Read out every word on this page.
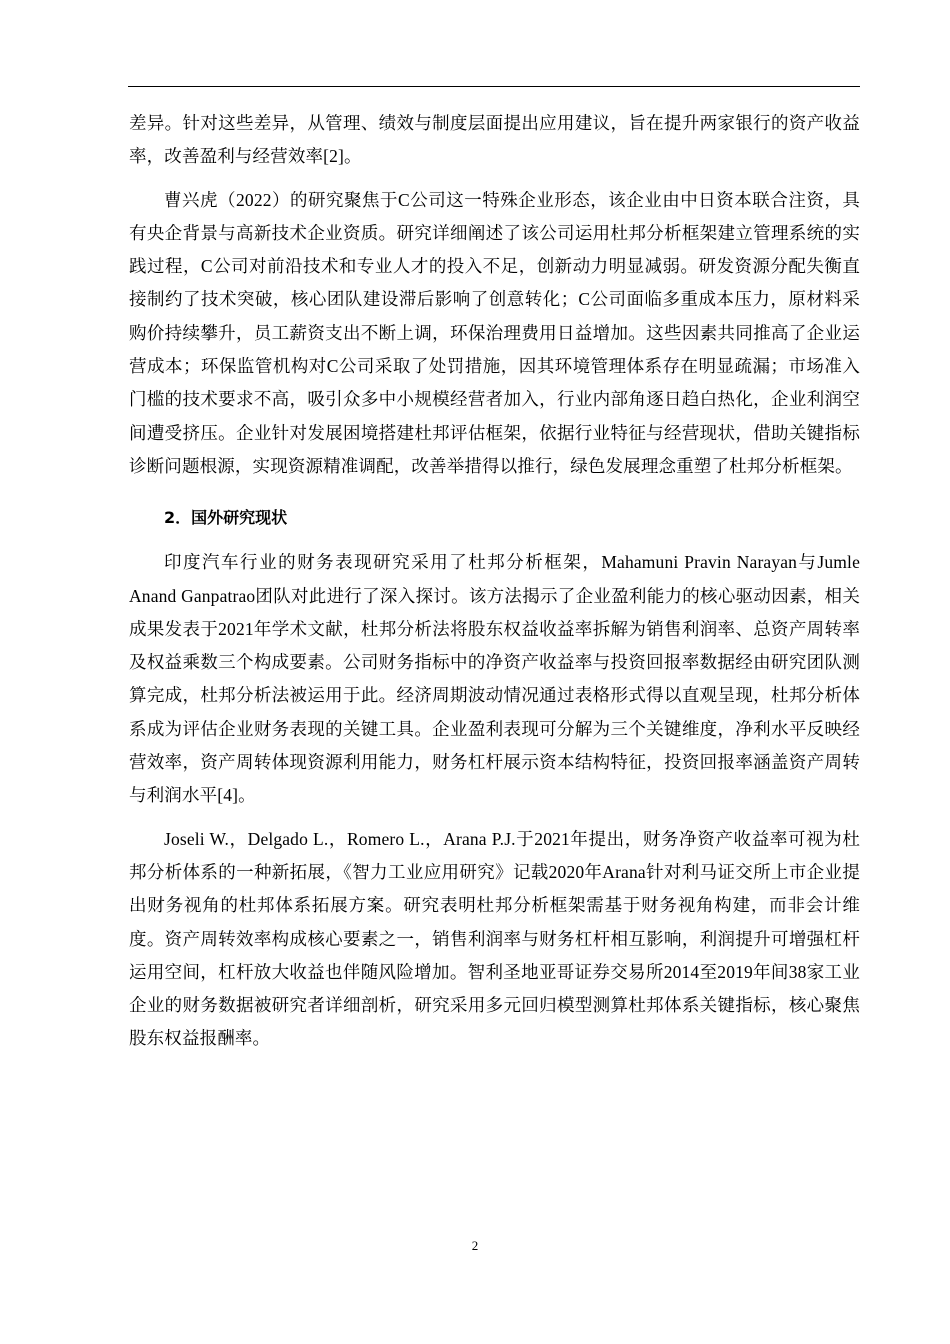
差异。针对这些差异，从管理、绩效与制度层面提出应用建议，旨在提升两家银行的资产收益率，改善盈利与经营效率[2]。

曹兴虎（2022）的研究聚焦于C公司这一特殊企业形态，该企业由中日资本联合注资，具有央企背景与高新技术企业资质。研究详细阐述了该公司运用杜邦分析框架建立管理系统的实践过程，C公司对前沿技术和专业人才的投入不足，创新动力明显减弱。研发资源分配失衡直接制约了技术突破，核心团队建设滞后影响了创意转化；C公司面临多重成本压力，原材料采购价持续攀升，员工薪资支出不断上调，环保治理费用日益增加。这些因素共同推高了企业运营成本；环保监管机构对C公司采取了处罚措施，因其环境管理体系存在明显疏漏；市场准入门槛的技术要求不高，吸引众多中小规模经营者加入，行业内部角逐日趋白热化，企业利润空间遭受挤压。企业针对发展困境搭建杜邦评估框架，依据行业特征与经营现状，借助关键指标诊断问题根源，实现资源精准调配，改善举措得以推行，绿色发展理念重塑了杜邦分析框架。

2．国外研究现状

印度汽车行业的财务表现研究采用了杜邦分析框架，Mahamuni Pravin Narayan与Jumle Anand Ganpatrao团队对此进行了深入探讨。该方法揭示了企业盈利能力的核心驱动因素，相关成果发表于2021年学术文献，杜邦分析法将股东权益收益率拆解为销售利润率、总资产周转率及权益乘数三个构成要素。公司财务指标中的净资产收益率与投资回报率数据经由研究团队测算完成，杜邦分析法被运用于此。经济周期波动情况通过表格形式得以直观呈现，杜邦分析体系成为评估企业财务表现的关键工具。企业盈利表现可分解为三个关键维度，净利水平反映经营效率，资产周转体现资源利用能力，财务杠杆展示资本结构特征，投资回报率涵盖资产周转与利润水平[4]。

Joseli W.，Delgado L.，Romero L.，Arana P.J.于2021年提出，财务净资产收益率可视为杜邦分析体系的一种新拓展，《智力工业应用研究》记载2020年Arana针对利马证交所上市企业提出财务视角的杜邦体系拓展方案。研究表明杜邦分析框架需基于财务视角构建，而非会计维度。资产周转效率构成核心要素之一，销售利润率与财务杠杆相互影响，利润提升可增强杠杆运用空间，杠杆放大收益也伴随风险增加。智利圣地亚哥证券交易所2014至2019年间38家工业企业的财务数据被研究者详细剖析，研究采用多元回归模型测算杜邦体系关键指标，核心聚焦股东权益报酬率。

2
